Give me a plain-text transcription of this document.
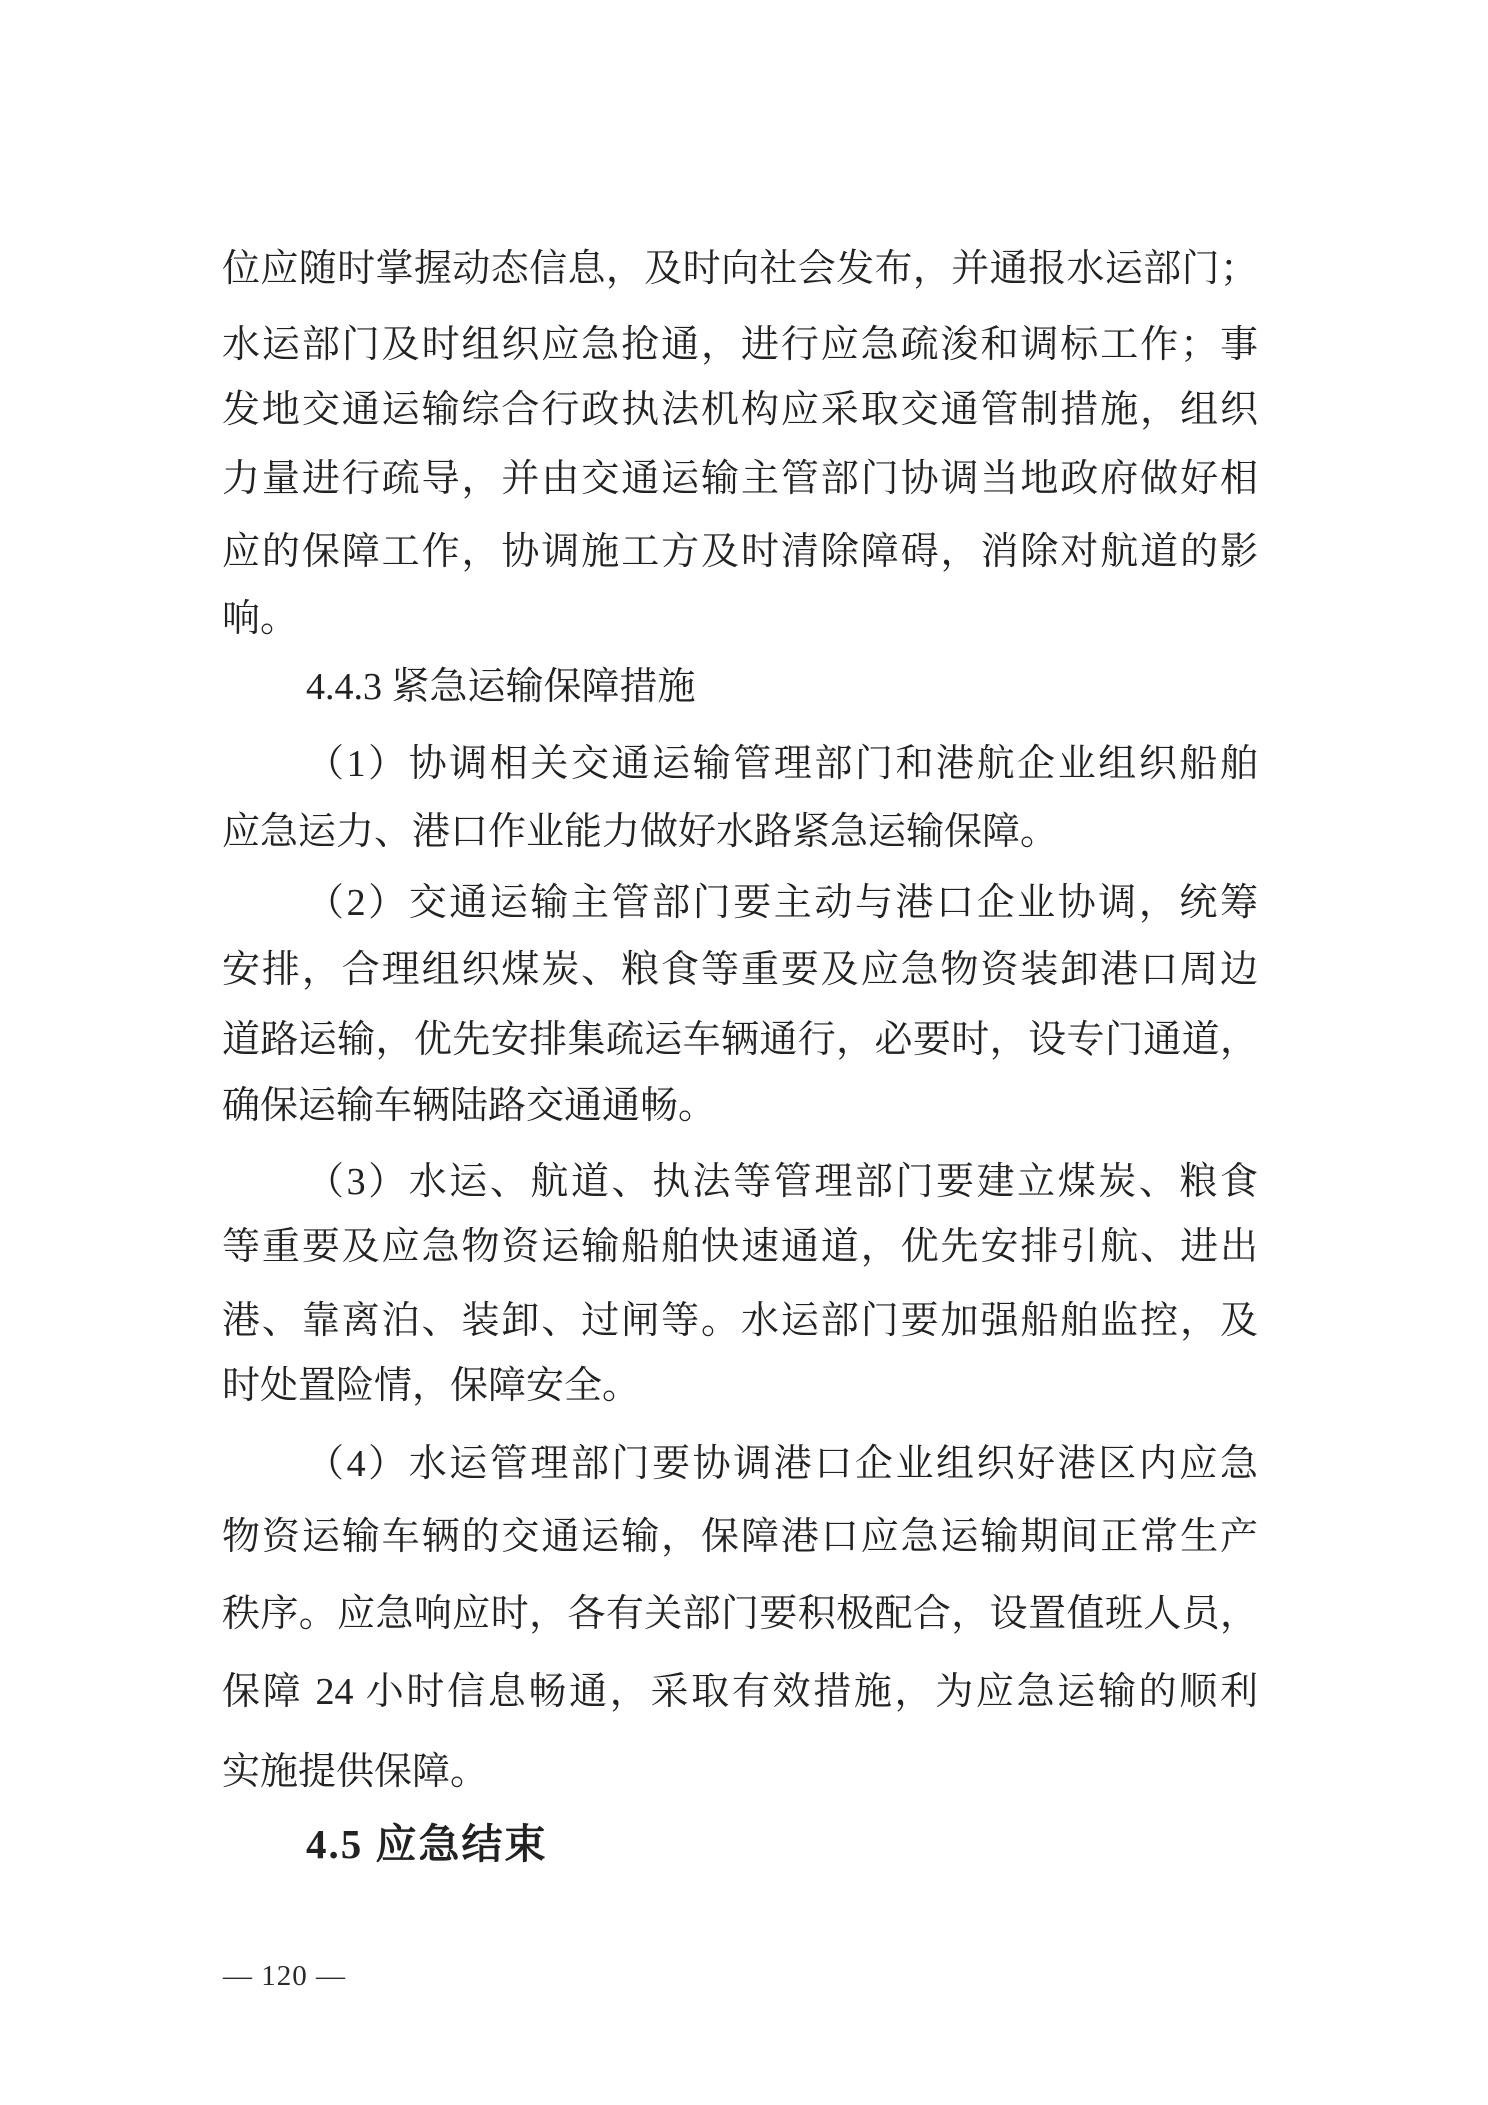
位应随时掌握动态信息，及时向社会发布，并通报水运部门；
水运部门及时组织应急抢通，进行应急疏浚和调标工作；事
发地交通运输综合行政执法机构应采取交通管制措施，组织
力量进行疏导，并由交通运输主管部门协调当地政府做好相
应的保障工作，协调施工方及时清除障碍，消除对航道的影
响。
4.4.3 紧急运输保障措施
（1）协调相关交通运输管理部门和港航企业组织船舶
应急运力、港口作业能力做好水路紧急运输保障。
（2）交通运输主管部门要主动与港口企业协调，统筹
安排，合理组织煤炭、粮食等重要及应急物资装卸港口周边
道路运输，优先安排集疏运车辆通行，必要时，设专门通道，
确保运输车辆陆路交通通畅。
（3）水运、航道、执法等管理部门要建立煤炭、粮食
等重要及应急物资运输船舶快速通道，优先安排引航、进出
港、靠离泊、装卸、过闸等。水运部门要加强船舶监控，及
时处置险情，保障安全。
（4）水运管理部门要协调港口企业组织好港区内应急
物资运输车辆的交通运输，保障港口应急运输期间正常生产
秩序。应急响应时，各有关部门要积极配合，设置值班人员，
保障 24 小时信息畅通，采取有效措施，为应急运输的顺利
实施提供保障。
4.5 应急结束
— 120 —
